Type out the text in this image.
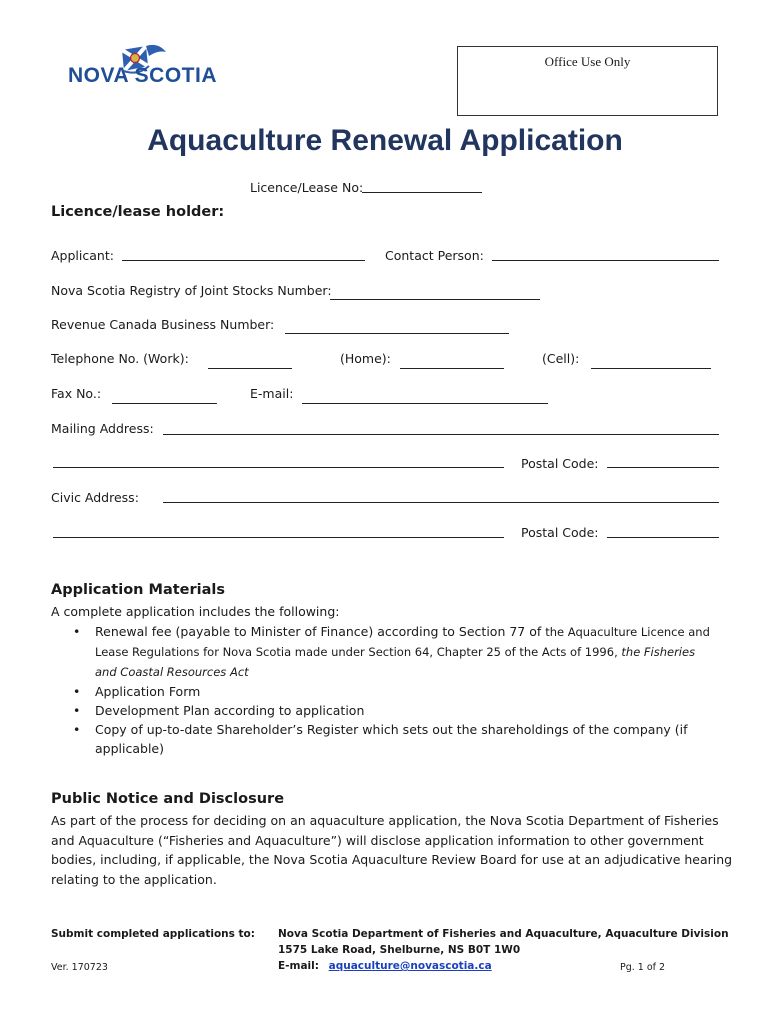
NOVA SCOTIA
Office Use Only
Aquaculture Renewal Application
Licence/Lease No:
Licence/lease holder:
Applicant:	Contact Person:
Nova Scotia Registry of Joint Stocks Number:
Revenue Canada Business Number:
Telephone No. (Work):	(Home):	(Cell):
Fax No.:	E-mail:
Mailing Address:
Postal Code:
Civic Address:
Postal Code:
Application Materials
A complete application includes the following:
• Renewal fee (payable to Minister of Finance) according to Section 77 of the Aquaculture Licence and Lease Regulations for Nova Scotia made under Section 64, Chapter 25 of the Acts of 1996, the Fisheries and Coastal Resources Act
• Application Form
• Development Plan according to application
• Copy of up-to-date Shareholder’s Register which sets out the shareholdings of the company (if applicable)
Public Notice and Disclosure
As part of the process for deciding on an aquaculture application, the Nova Scotia Department of Fisheries and Aquaculture (“Fisheries and Aquaculture”) will disclose application information to other government bodies, including, if applicable, the Nova Scotia Aquaculture Review Board for use at an adjudicative hearing relating to the application.
Submit completed applications to:
Ver. 170723
Nova Scotia Department of Fisheries and Aquaculture, Aquaculture Division
1575 Lake Road, Shelburne, NS B0T 1W0
E-mail: aquaculture@novascotia.ca	Pg. 1 of 2
